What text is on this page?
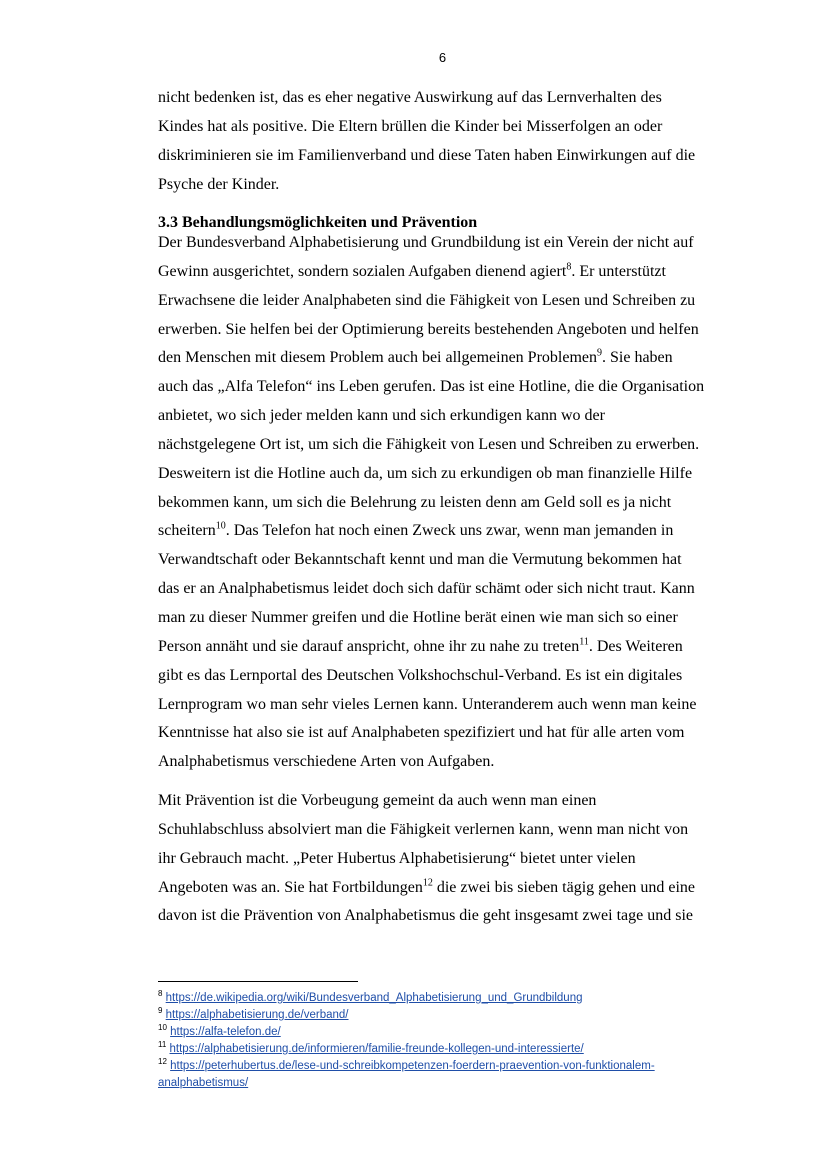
6
nicht bedenken ist, das es eher negative Auswirkung auf das Lernverhalten des
Kindes hat als positive. Die Eltern brüllen die Kinder bei Misserfolgen an oder
diskriminieren sie im Familienverband und diese Taten haben Einwirkungen auf die
Psyche der Kinder.
3.3 Behandlungsmöglichkeiten und Prävention
Der Bundesverband Alphabetisierung und Grundbildung ist ein Verein der nicht auf
Gewinn ausgerichtet, sondern sozialen Aufgaben dienend agiert$^8$. Er unterstützt
Erwachsene die leider Analphabeten sind die Fähigkeit von Lesen und Schreiben zu
erwerben. Sie helfen bei der Optimierung bereits bestehenden Angeboten und helfen
den Menschen mit diesem Problem auch bei allgemeinen Problemen$^9$. Sie haben
auch das „Alfa Telefon“ ins Leben gerufen. Das ist eine Hotline, die die Organisation
anbietet, wo sich jeder melden kann und sich erkundigen kann wo der
nächstgelegene Ort ist, um sich die Fähigkeit von Lesen und Schreiben zu erwerben.
Desweitern ist die Hotline auch da, um sich zu erkundigen ob man finanzielle Hilfe
bekommen kann, um sich die Belehrung zu leisten denn am Geld soll es ja nicht
scheitern$^{10}$. Das Telefon hat noch einen Zweck uns zwar, wenn man jemanden in
Verwandtschaft oder Bekanntschaft kennt und man die Vermutung bekommen hat
das er an Analphabetismus leidet doch sich dafür schämt oder sich nicht traut. Kann
man zu dieser Nummer greifen und die Hotline berät einen wie man sich so einer
Person annäht und sie darauf anspricht, ohne ihr zu nahe zu treten$^{11}$. Des Weiteren
gibt es das Lernportal des Deutschen Volkshochschul-Verband. Es ist ein digitales
Lernprogram wo man sehr vieles Lernen kann. Unteranderem auch wenn man keine
Kenntnisse hat also sie ist auf Analphabeten spezifiziert und hat für alle arten vom
Analphabetismus verschiedene Arten von Aufgaben.
Mit Prävention ist die Vorbeugung gemeint da auch wenn man einen
Schuhlabschluss absolviert man die Fähigkeit verlernen kann, wenn man nicht von
ihr Gebrauch macht. „Peter Hubertus Alphabetisierung“ bietet unter vielen
Angeboten was an. Sie hat Fortbildungen$^{12}$ die zwei bis sieben tägig gehen und eine
davon ist die Prävention von Analphabetismus die geht insgesamt zwei tage und sie
$^8$ https://de.wikipedia.org/wiki/Bundesverband_Alphabetisierung_und_Grundbildung
$^9$ https://alphabetisierung.de/verband/
$^{10}$ https://alfa-telefon.de/
$^{11}$ https://alphabetisierung.de/informieren/familie-freunde-kollegen-und-interessierte/
$^{12}$ https://peterhubertus.de/lese-und-schreibkompetenzen-foerdern-praevention-von-funktionalem-
analphabetismus/
